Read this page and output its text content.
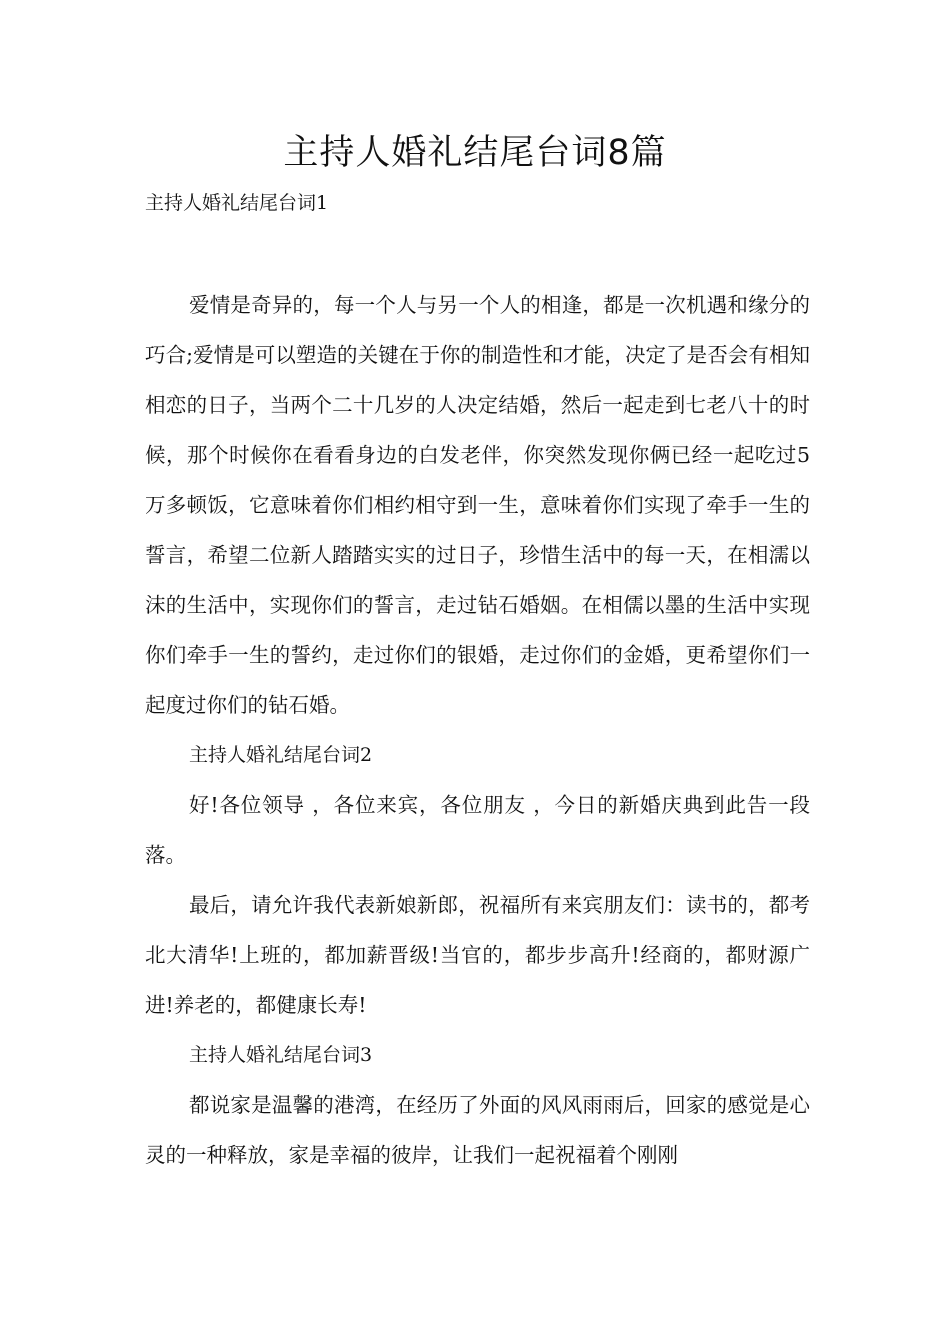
主持人婚礼结尾台词8篇
主持人婚礼结尾台词1

爱情是奇异的，每一个人与另一个人的相逢，都是一次机遇和缘分的巧合;爱情是可以塑造的关键在于你的制造性和才能，决定了是否会有相知相恋的日子，当两个二十几岁的人决定结婚，然后一起走到七老八十的时候，那个时候你在看看身边的白发老伴，你突然发现你俩已经一起吃过5万多顿饭，它意味着你们相约相守到一生，意味着你们实现了牵手一生的誓言，希望二位新人踏踏实实的过日子，珍惜生活中的每一天，在相濡以沫的生活中，实现你们的誓言，走过钻石婚姻。在相儒以墨的生活中实现你们牵手一生的誓约，走过你们的银婚，走过你们的金婚，更希望你们一起度过你们的钻石婚。

主持人婚礼结尾台词2

好!各位领导 ，各位来宾，各位朋友 ，今日的新婚庆典到此告一段落。

最后，请允许我代表新娘新郎，祝福所有来宾朋友们：读书的，都考北大清华!上班的，都加薪晋级!当官的，都步步高升!经商的，都财源广进!养老的，都健康长寿!

主持人婚礼结尾台词3

都说家是温馨的港湾，在经历了外面的风风雨雨后，回家的感觉是心灵的一种释放，家是幸福的彼岸，让我们一起祝福着个刚刚
